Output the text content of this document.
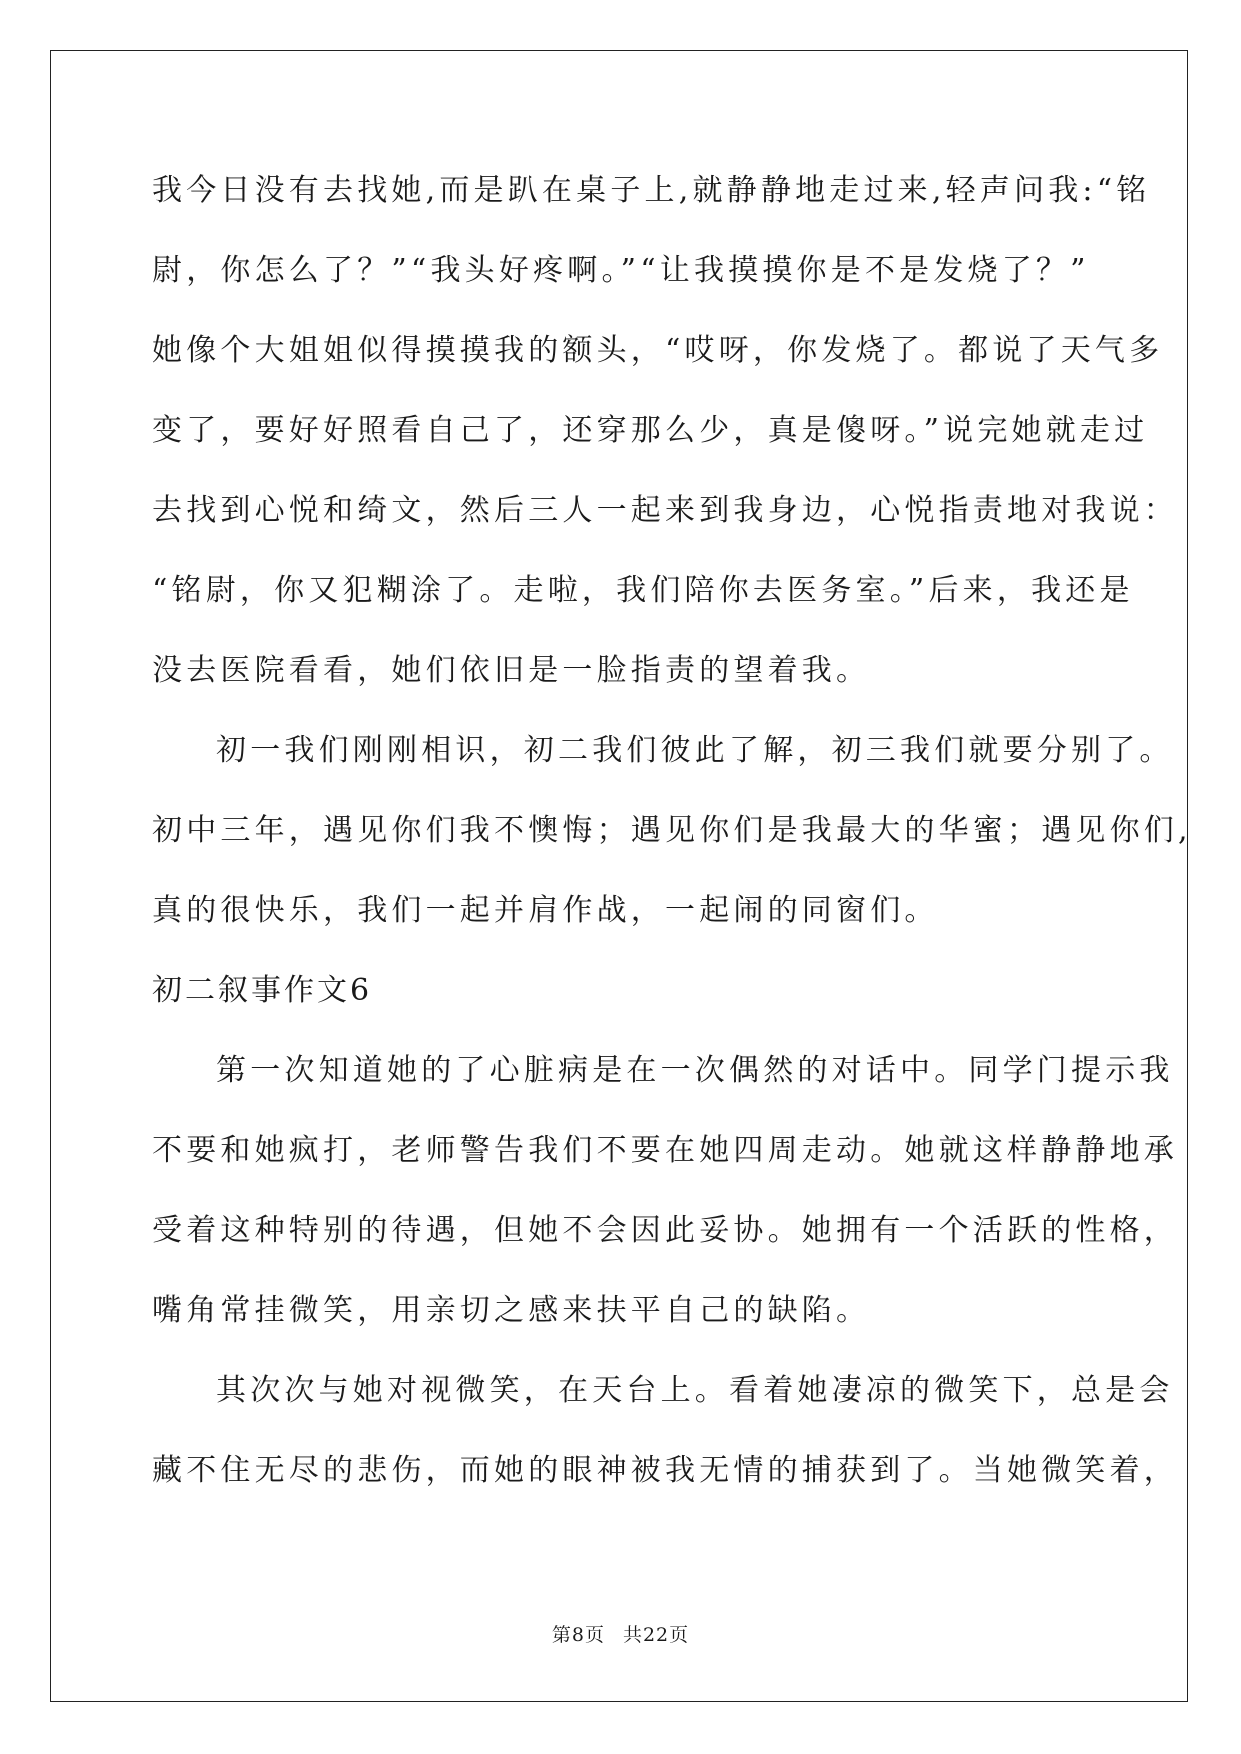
我今日没有去找她,而是趴在桌子上,就静静地走过来,轻声问我:“铭
尉，你怎么了？”“我头好疼啊。”“让我摸摸你是不是发烧了？”
她像个大姐姐似得摸摸我的额头，“哎呀，你发烧了。都说了天气多
变了，要好好照看自己了，还穿那么少，真是傻呀。”说完她就走过
去找到心悦和绮文，然后三人一起来到我身边，心悦指责地对我说：
“铭尉，你又犯糊涂了。走啦，我们陪你去医务室。”后来，我还是
没去医院看看，她们依旧是一脸指责的望着我。
初一我们刚刚相识，初二我们彼此了解，初三我们就要分别了。
初中三年，遇见你们我不懊悔；遇见你们是我最大的华蜜；遇见你们,
真的很快乐，我们一起并肩作战，一起闹的同窗们。
初二叙事作文6
第一次知道她的了心脏病是在一次偶然的对话中。同学门提示我
不要和她疯打，老师警告我们不要在她四周走动。她就这样静静地承
受着这种特别的待遇，但她不会因此妥协。她拥有一个活跃的性格，
嘴角常挂微笑，用亲切之感来扶平自己的缺陷。
其次次与她对视微笑，在天台上。看着她凄凉的微笑下，总是会
藏不住无尽的悲伤，而她的眼神被我无情的捕获到了。当她微笑着，
第8页 共22页
